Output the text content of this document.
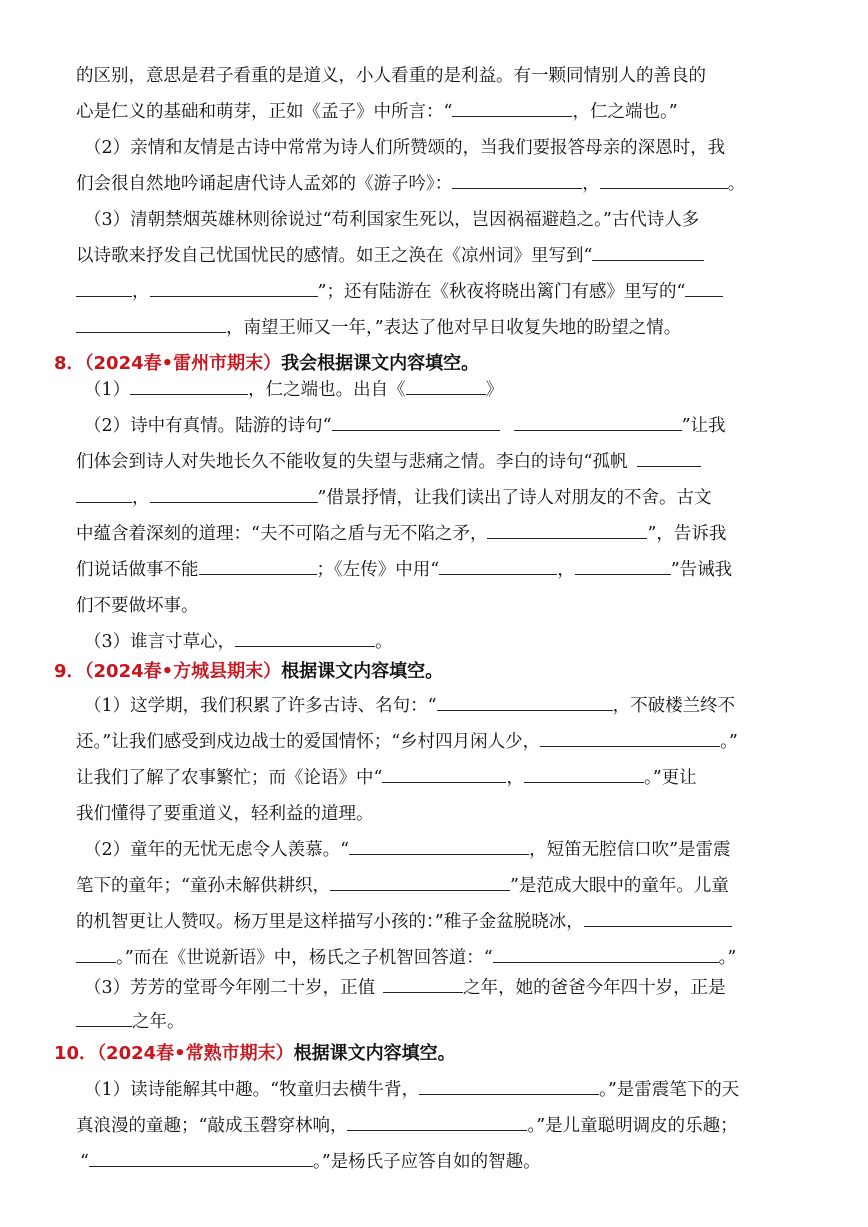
的区别，意思是君子看重的是道义，小人看重的是利益。有一颗同情别人的善良的
心是仁义的基础和萌芽，正如《孟子》中所言：“	，仁之端也。”
（2）亲情和友情是古诗中常常为诗人们所赞颂的，当我们要报答母亲的深恩时，我
们会很自然地吟诵起唐代诗人孟郊的《游子吟》：	，	。
（3）清朝禁烟英雄林则徐说过“苟利国家生死以，岂因祸福避趋之。”古代诗人多
以诗歌来抒发自己忧国忧民的感情。如王之涣在《凉州词》里写到“
，	”；还有陆游在《秋夜将晓出篱门有感》里写的“
，南望王师又一年，”表达了他对早日收复失地的盼望之情。
8．（2024春•雷州市期末）我会根据课文内容填空。
（1）	，仁之端也。出自《	》
（2）诗中有真情。陆游的诗句“	”让我
们体会到诗人对失地长久不能收复的失望与悲痛之情。李白的诗句“孤帆
，	”借景抒情，让我们读出了诗人对朋友的不舍。古文
中蕴含着深刻的道理：“夫不可陷之盾与无不陷之矛，	”，告诉我
们说话做事不能	；《左传》中用“	，	”告诫我
们不要做坏事。
（3）谁言寸草心，	。
9．（2024春•方城县期末）根据课文内容填空。
（1）这学期，我们积累了许多古诗、名句：“	，不破楼兰终不
还。”让我们感受到戍边战士的爱国情怀；“乡村四月闲人少，	。”
让我们了解了农事繁忙；而《论语》中“	，	。”更让
我们懂得了要重道义，轻利益的道理。
（2）童年的无忧无虑令人羡慕。“	，短笛无腔信口吹”是雷震
笔下的童年；“童孙未解供耕织，	”是范成大眼中的童年。儿童
的机智更让人赞叹。杨万里是这样描写小孩的：”稚子金盆脱晓冰，
。”而在《世说新语》中，杨氏之子机智回答道：“	。”
（3）芳芳的堂哥今年刚二十岁，正值	之年，她的爸爸今年四十岁，正是
之年。
10．（2024春•常熟市期末）根据课文内容填空。
（1）读诗能解其中趣。“牧童归去横牛背，	。”是雷震笔下的天
真浪漫的童趣；“敲成玉磬穿林响，	。”是儿童聪明调皮的乐趣；
“	。”是杨氏子应答自如的智趣。
